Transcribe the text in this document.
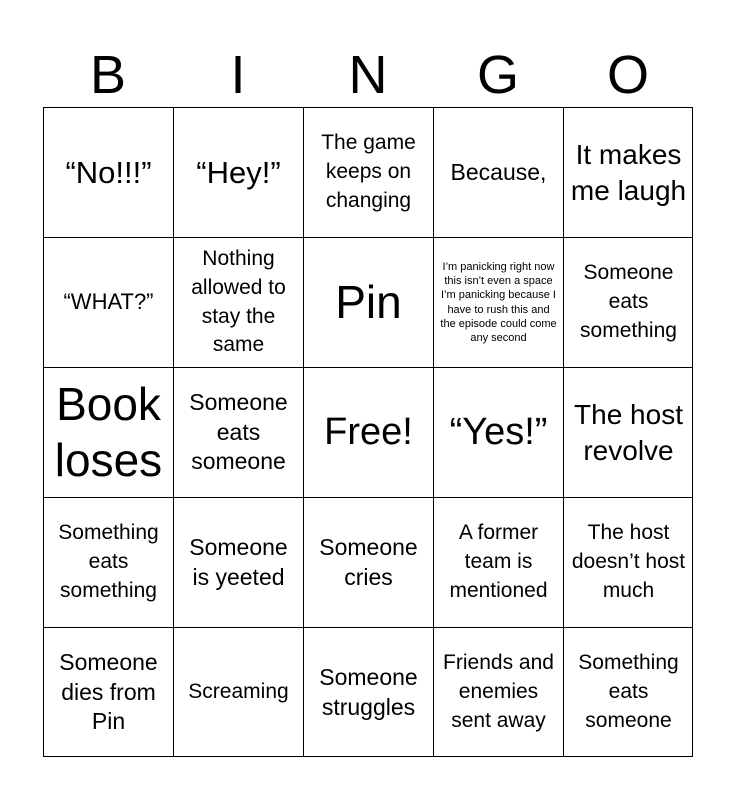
B	I	N	G	O
“No!!!” “Hey!”
The game keeps on changing
Because,
It makes me laugh
“WHAT?”
Nothing allowed to stay the same
Pin
I’m panicking right now this isn’t even a space I’m panicking because I have to rush this and the episode could come any second
Someone eats something
Book loses
Someone eats someone
Free! “Yes!” The host revolve
Something eats something
Someone is yeeted
Someone cries
A former team is mentioned
The host doesn’t host much
Someone dies from Pin
Screaming
Someone struggles
Friends and enemies sent away
Something eats someone
